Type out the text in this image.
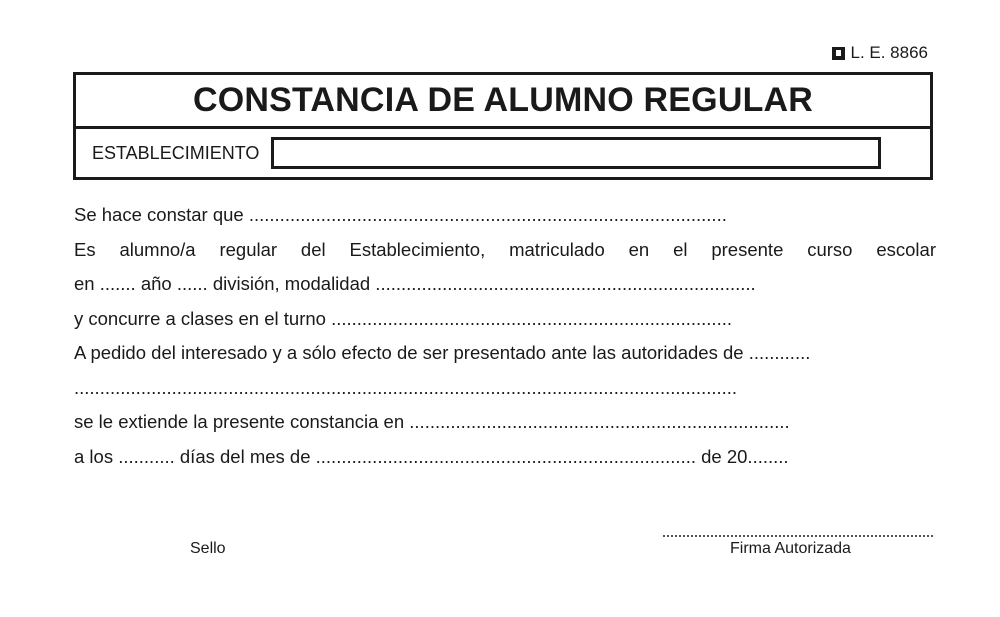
L. E. 8866
CONSTANCIA DE ALUMNO REGULAR
ESTABLECIMIENTO
Se hace constar que .............................................................................................
Es alumno/a regular del Establecimiento, matriculado en el presente curso escolar
en ....... año ...... división, modalidad ..........................................................................
y concurre a clases en el turno ..............................................................................
A pedido del interesado y a sólo efecto de ser presentado ante las autoridades de ............
.................................................................................................................................
se le extiende la presente constancia en ..........................................................................
a los ........... días del mes de .......................................................................... de 20........
Sello	Firma Autorizada
